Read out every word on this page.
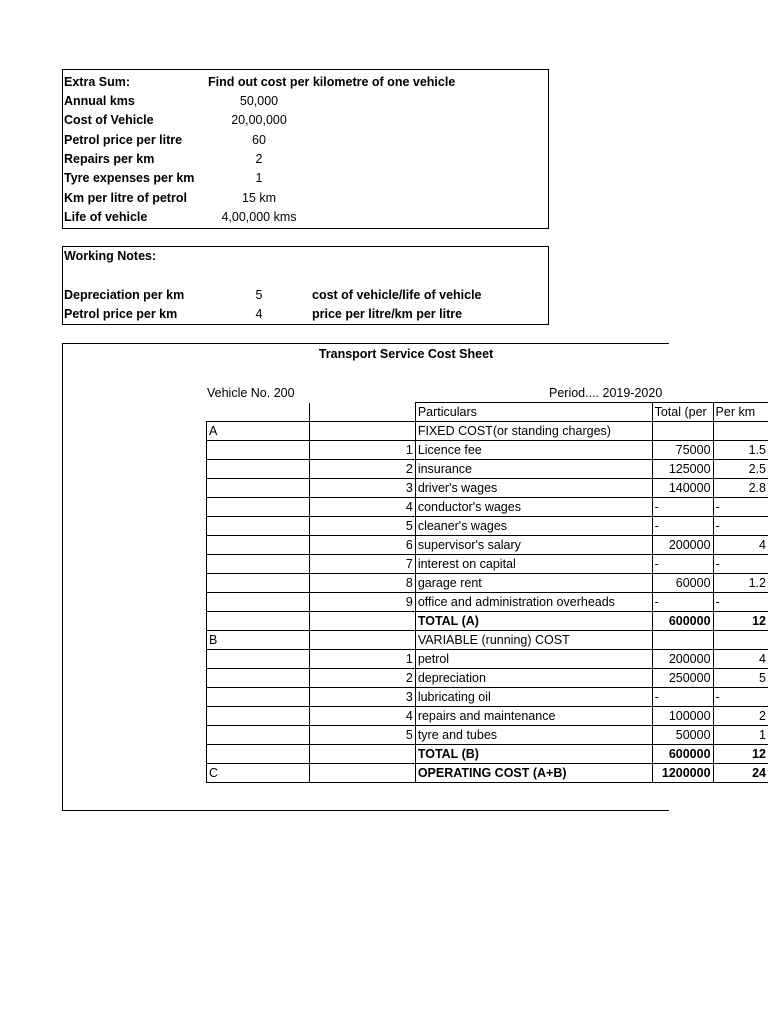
Extra Sum:	Find out cost per kilometre of one vehicle
Annual kms	50,000
Cost of Vehicle	20,00,000
Petrol price per litre	60
Repairs per km	2
Tyre expenses per km	1
Km per litre of petrol	15 km
Life of vehicle	4,00,000 kms
Working Notes:
Depreciation per km	5	cost of vehicle/life of vehicle
Petrol price per km	4	price per litre/km per litre
Transport Service Cost Sheet
Vehicle No. 200	Period.... 2019-2020
		Particulars	Total (per	Per km
A		FIXED COST(or standing charges)		
	1	Licence fee	75000	1.5
	2	insurance	125000	2.5
	3	driver's wages	140000	2.8
	4	conductor's wages	-	-
	5	cleaner's wages	-	-
	6	supervisor's salary	200000	4
	7	interest on capital	-	-
	8	garage rent	60000	1.2
	9	office and administration overheads	-	-
		TOTAL (A)	600000	12
B		VARIABLE (running) COST		
	1	petrol	200000	4
	2	depreciation	250000	5
	3	lubricating oil	-	-
	4	repairs and maintenance	100000	2
	5	tyre and tubes	50000	1
		TOTAL (B)	600000	12
C		OPERATING COST (A+B)	1200000	24
